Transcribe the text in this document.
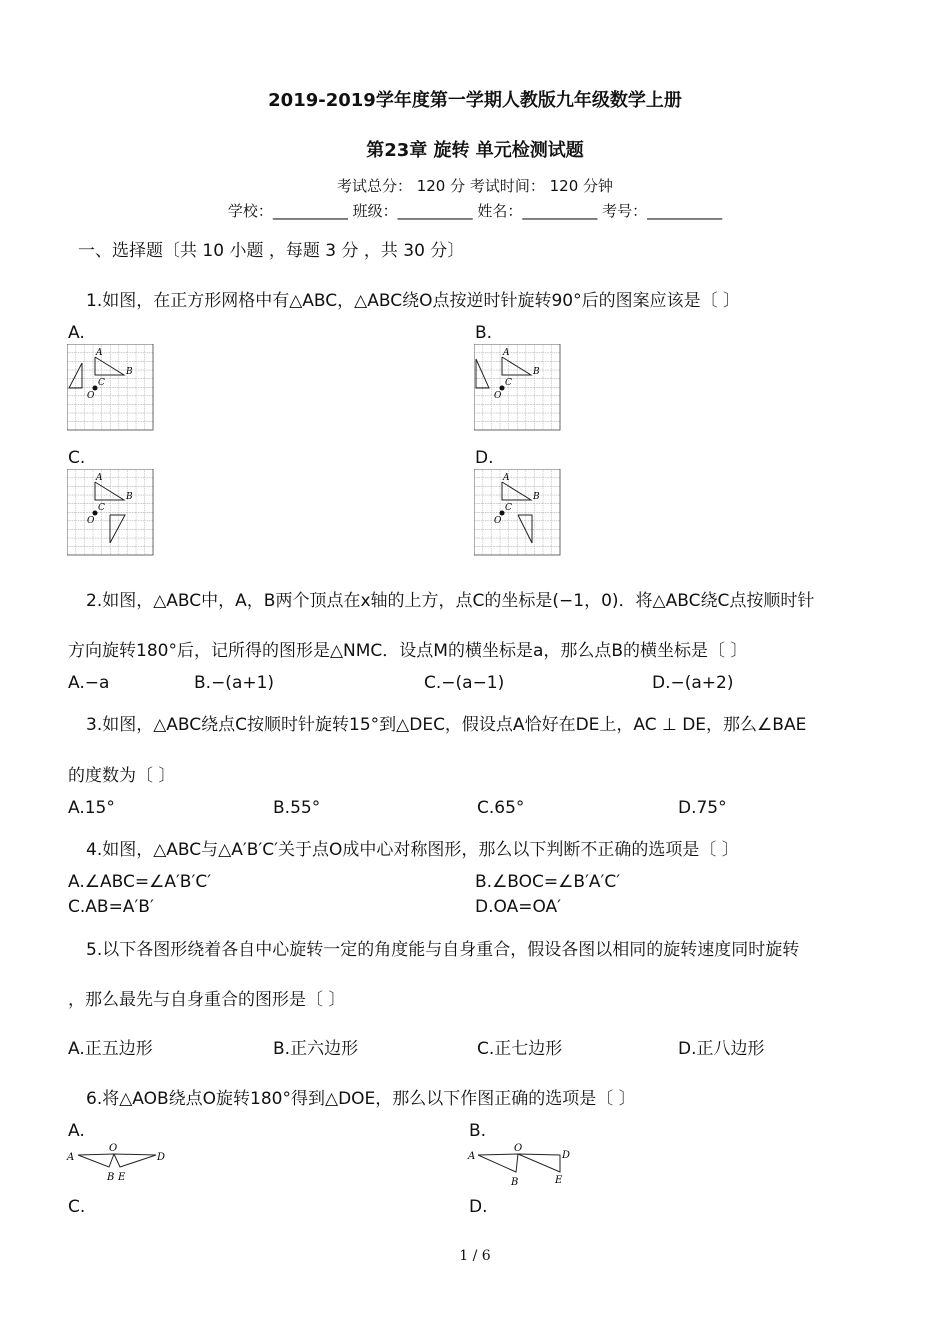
2019-2019学年度第一学期人教版九年级数学上册
第23章 旋转 单元检测试题
考试总分： 120 分 考试时间： 120 分钟
学校：__________ 班级：__________ 姓名：__________ 考号：__________
一、选择题〔共 10 小题 ，每题 3 分 ，共 30 分〕
1.如图，在正方形网格中有△ABC，△ABC绕O点按逆时针旋转90°后的图案应该是〔 〕
A.	B.
C.	D.
A
B
C
O
A
B
C
O
A
B
C
O
A
B
C
O
2.如图，△ABC中，A，B两个顶点在x轴的上方，点C的坐标是(−1，0)．将△ABC绕C点按顺时针
方向旋转180°后，记所得的图形是△NMC．设点M的横坐标是a，那么点B的横坐标是〔 〕
A.−a	B.−(a+1)	C.−(a−1)	D.−(a+2)
3.如图，△ABC绕点C按顺时针旋转15°到△DEC，假设点A恰好在DE上，AC ⊥ DE，那么∠BAE
的度数为〔 〕
A.15°	B.55°	C.65°	D.75°
4.如图，△ABC与△A′B′C′关于点O成中心对称图形，那么以下判断不正确的选项是〔 〕
A.∠ABC=∠A′B′C′	B.∠BOC=∠B′A′C′
C.AB=A′B′	D.OA=OA′
5.以下各图形绕着各自中心旋转一定的角度能与自身重合，假设各图以相同的旋转速度同时旋转
，那么最先与自身重合的图形是〔 〕
A.正五边形	B.正六边形	C.正七边形	D.正八边形
6.将△AOB绕点O旋转180°得到△DOE，那么以下作图正确的选项是〔 〕
A.	B.
C.	D.
A
O
D
B E
A
O
D
B	E
1 / 6
